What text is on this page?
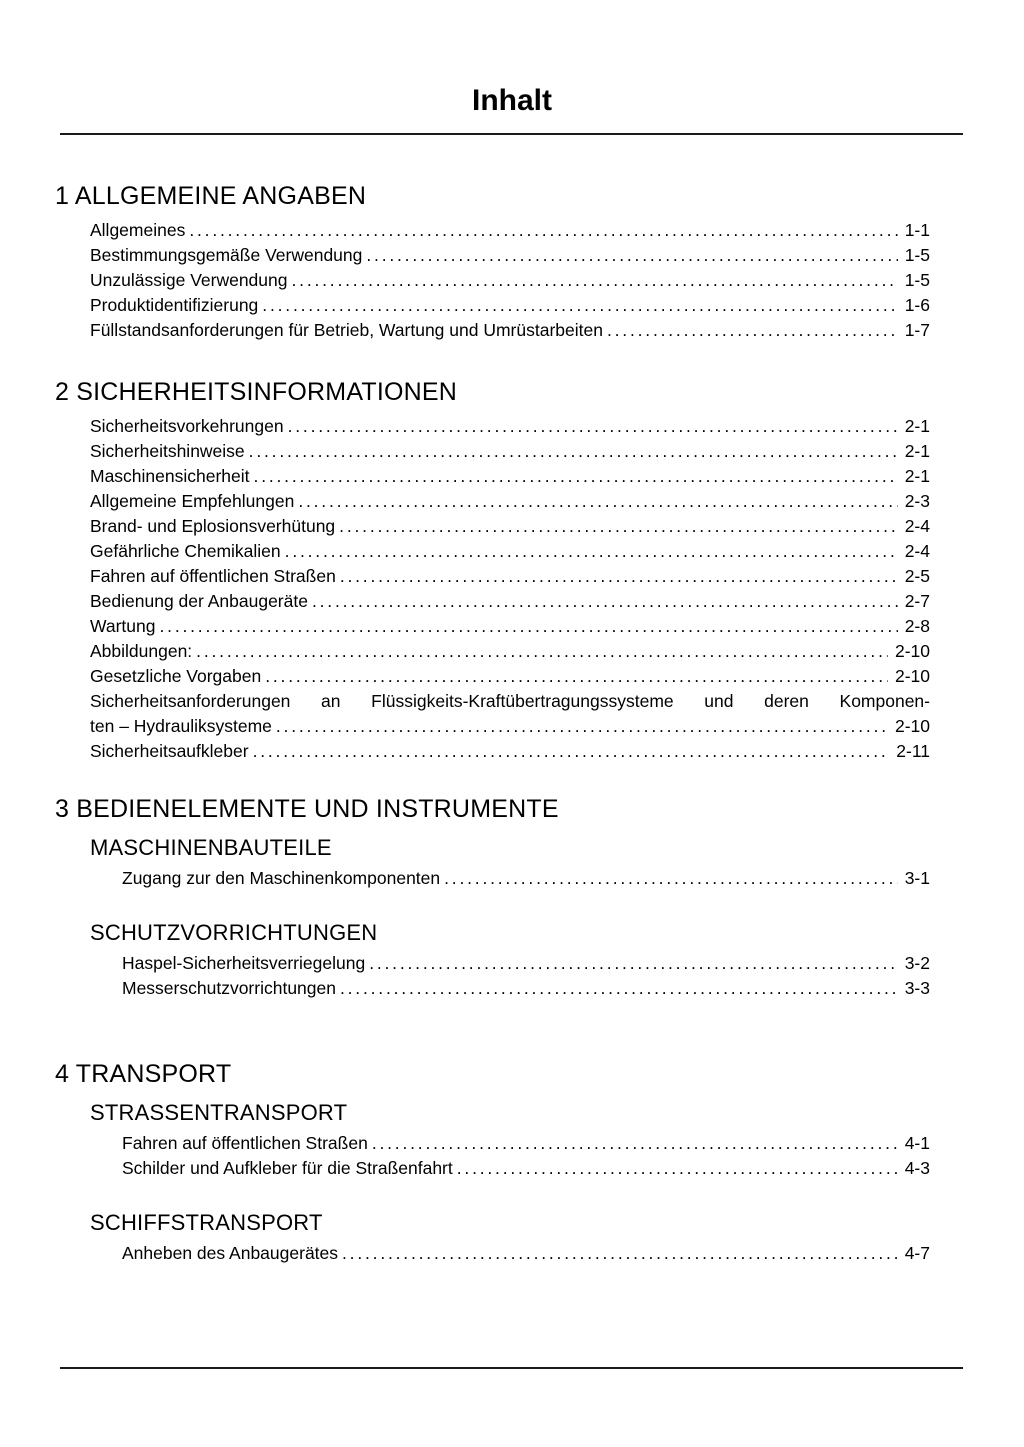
Inhalt
1 ALLGEMEINE ANGABEN
Allgemeines .....	1-1
Bestimmungsgemäße Verwendung .....	1-5
Unzulässige Verwendung .....	1-5
Produktidentifizierung .....	1-6
Füllstandsanforderungen für Betrieb, Wartung und Umrüstarbeiten .....	1-7
2 SICHERHEITSINFORMATIONEN
Sicherheitsvorkehrungen .....	2-1
Sicherheitshinweise .....	2-1
Maschinensicherheit .....	2-1
Allgemeine Empfehlungen .....	2-3
Brand- und Eplosionsverhütung .....	2-4
Gefährliche Chemikalien .....	2-4
Fahren auf öffentlichen Straßen .....	2-5
Bedienung der Anbaugeräte .....	2-7
Wartung .....	2-8
Abbildungen: .....	2-10
Gesetzliche Vorgaben .....	2-10
Sicherheitsanforderungen an Flüssigkeits-Kraftübertragungssysteme und deren Komponen-
ten – Hydrauliksysteme .....	2-10
Sicherheitsaufkleber .....	2-11
3 BEDIENELEMENTE UND INSTRUMENTE
MASCHINENBAUTEILE
Zugang zur den Maschinenkomponenten .....	3-1
SCHUTZVORRICHTUNGEN
Haspel-Sicherheitsverriegelung .....	3-2
Messerschutzvorrichtungen .....	3-3
4 TRANSPORT
STRASSENTRANSPORT
Fahren auf öffentlichen Straßen .....	4-1
Schilder und Aufkleber für die Straßenfahrt .....	4-3
SCHIFFSTRANSPORT
Anheben des Anbaugerätes .....	4-7
